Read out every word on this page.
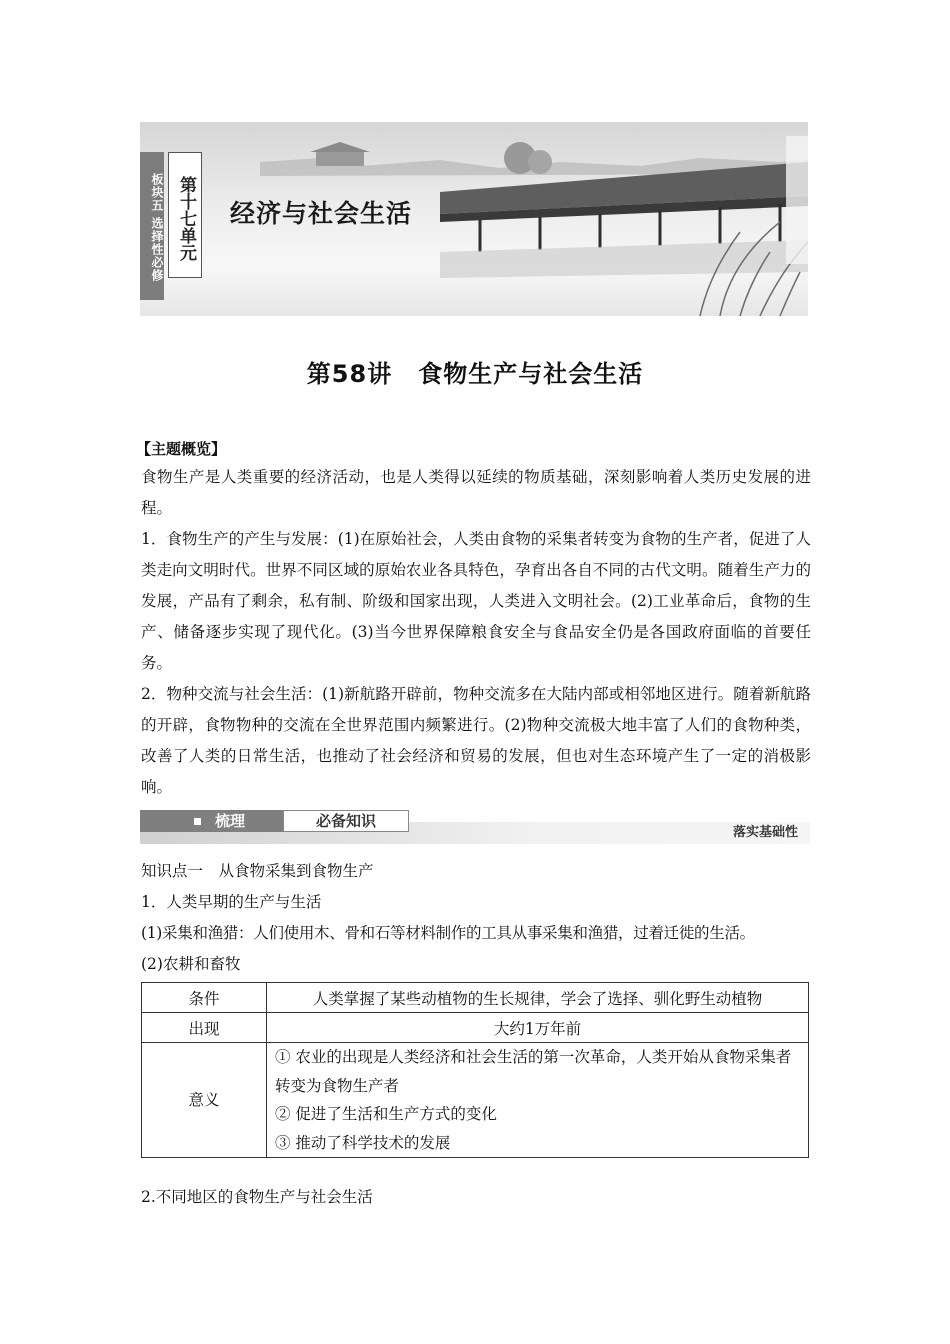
板块五 选择性必修 第十七单元 经济与社会生活
第58讲 食物生产与社会生活
【主题概览】

食物生产是人类重要的经济活动，也是人类得以延续的物质基础，深刻影响着人类历史发展的进程。

1．食物生产的产生与发展：(1)在原始社会，人类由食物的采集者转变为食物的生产者，促进了人类走向文明时代。世界不同区域的原始农业各具特色，孕育出各自不同的古代文明。随着生产力的发展，产品有了剩余，私有制、阶级和国家出现，人类进入文明社会。(2)工业革命后，食物的生产、储备逐步实现了现代化。(3)当今世界保障粮食安全与食品安全仍是各国政府面临的首要任务。

2．物种交流与社会生活：(1)新航路开辟前，物种交流多在大陆内部或相邻地区进行。随着新航路的开辟，食物物种的交流在全世界范围内频繁进行。(2)物种交流极大地丰富了人们的食物种类，改善了人类的日常生活，也推动了社会经济和贸易的发展，但也对生态环境产生了一定的消极影响。

梳理	必备知识
落实基础性

知识点一　从食物采集到食物生产

1．人类早期的生产与生活

(1)采集和渔猎：人们使用木、骨和石等材料制作的工具从事采集和渔猎，过着迁徙的生活。

(2)农耕和畜牧

条件	人类掌握了某些动植物的生长规律，学会了选择、驯化野生动植物
出现	大约1万年前
意义	① 农业的出现是人类经济和社会生活的第一次革命，人类开始从食物采集者转变为食物生产者
② 促进了生活和生产方式的变化
③ 推动了科学技术的发展

2.不同地区的食物生产与社会生活
